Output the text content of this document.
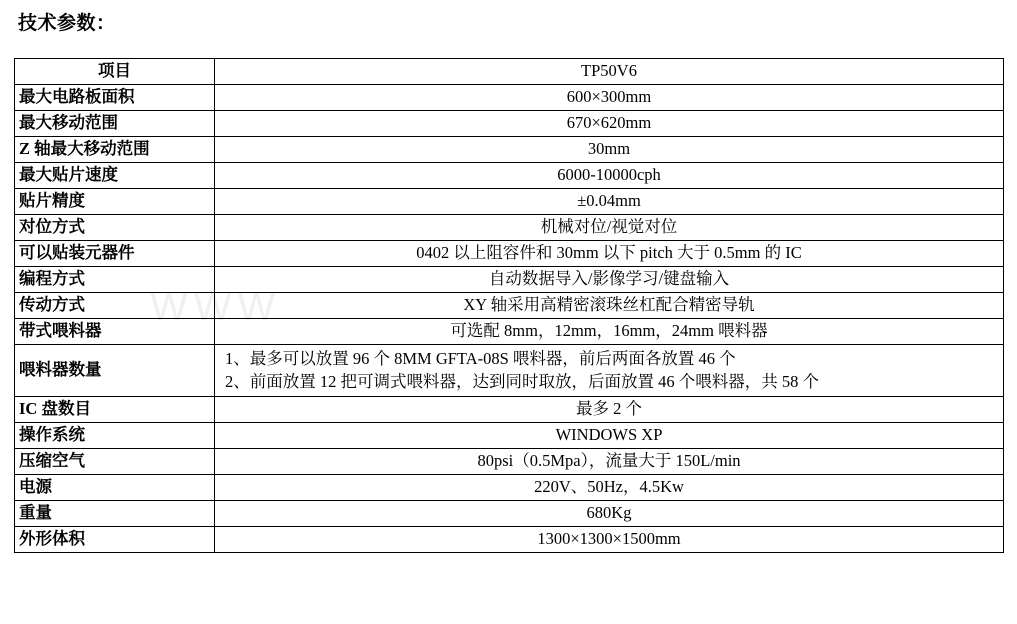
技术参数：
WWW
项目	TP50V6
最大电路板面积	600×300mm
最大移动范围	670×620mm
Z 轴最大移动范围	30mm
最大贴片速度	6000-10000cph
贴片精度	±0.04mm
对位方式	机械对位/视觉对位
可以贴装元器件	0402 以上阻容件和 30mm 以下 pitch 大于 0.5mm 的 IC
编程方式	自动数据导入/影像学习/键盘输入
传动方式	XY 轴采用高精密滚珠丝杠配合精密导轨
带式喂料器	可选配 8mm，12mm，16mm，24mm 喂料器
喂料器数量	1、最多可以放置 96 个 8MM GFTA-08S 喂料器，前后两面各放置 46 个
2、前面放置 12 把可调式喂料器，达到同时取放，后面放置 46 个喂料器，共 58 个

IC 盘数目	最多 2 个
操作系统	WINDOWS XP
压缩空气	80psi（0.5Mpa），流量大于 150L/min
电源	220V、50Hz，4.5Kw
重量	680Kg
外形体积	1300×1300×1500mm
